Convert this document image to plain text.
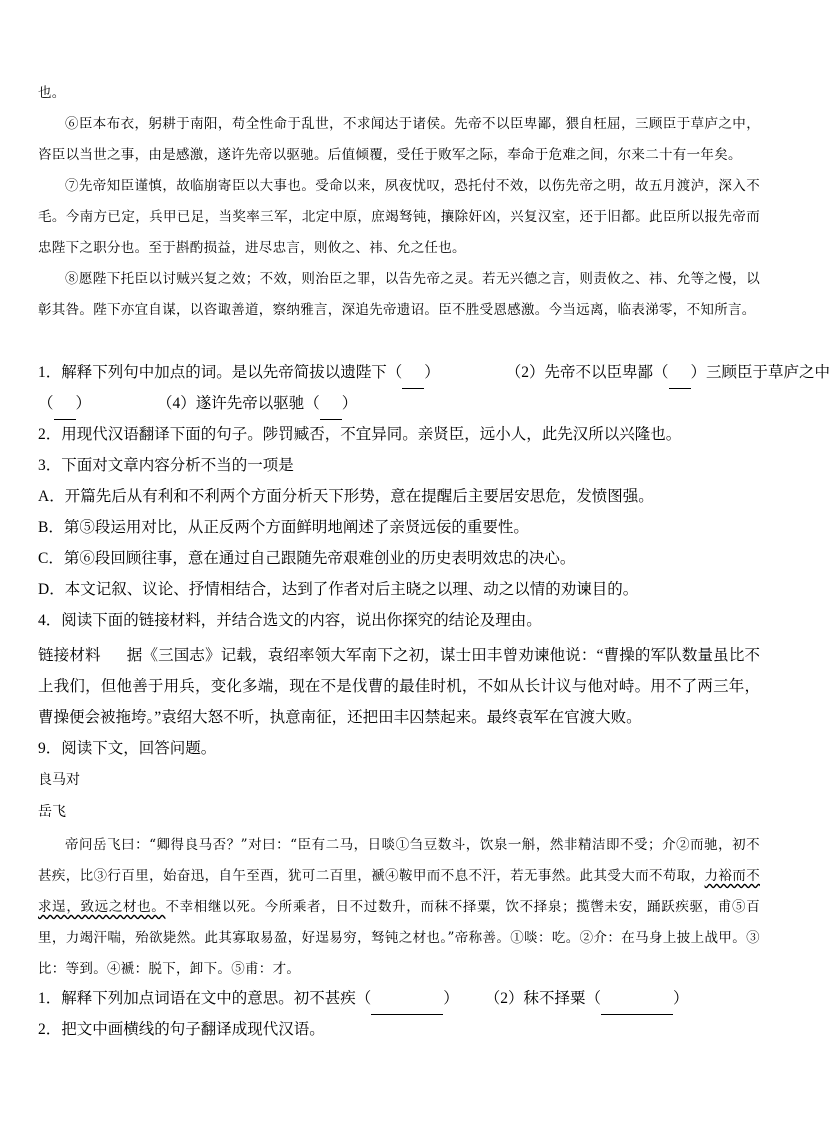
也。

⑥臣本布衣，躬耕于南阳，苟全性命于乱世，不求闻达于诸侯。先帝不以臣卑鄙，猥自枉屈，三顾臣于草庐之中，咨臣以当世之事，由是感激，遂许先帝以驱驰。后值倾覆，受任于败军之际，奉命于危难之间，尔来二十有一年矣。

⑦先帝知臣谨慎，故临崩寄臣以大事也。受命以来，夙夜忧叹，恐托付不效，以伤先帝之明，故五月渡泸，深入不毛。今南方已定，兵甲已足，当奖率三军，北定中原，庶竭驽钝，攘除奸凶，兴复汉室，还于旧都。此臣所以报先帝而忠陛下之职分也。至于斟酌损益，进尽忠言，则攸之、祎、允之任也。

⑧愿陛下托臣以讨贼兴复之效；不效，则治臣之罪，以告先帝之灵。若无兴德之言，则责攸之、祎、允等之慢，以彰其咎。陛下亦宜自谋，以咨诹善道，察纳雅言，深追先帝遗诏。臣不胜受恩感激。今当远离，临表涕零，不知所言。

1．解释下列句中加点的词。是以先帝简拔以遗陛下（ ）	（2）先帝不以臣卑鄙（ ）三顾臣于草庐之中

（ ）	（4）遂许先帝以驱驰（ ）

2．用现代汉语翻译下面的句子。陟罚臧否，不宜异同。亲贤臣，远小人，此先汉所以兴隆也。

3．下面对文章内容分析不当的一项是

A．开篇先后从有利和不利两个方面分析天下形势，意在提醒后主要居安思危，发愤图强。

B．第⑤段运用对比，从正反两个方面鲜明地阐述了亲贤远佞的重要性。

C．第⑥段回顾往事，意在通过自己跟随先帝艰难创业的历史表明效忠的决心。

D．本文记叙、议论、抒情相结合，达到了作者对后主晓之以理、动之以情的劝谏目的。

4．阅读下面的链接材料，并结合选文的内容，说出你探究的结论及理由。

链接材料 据《三国志》记载，袁绍率领大军南下之初，谋士田丰曾劝谏他说：“曹操的军队数量虽比不上我们，但他善于用兵，变化多端，现在不是伐曹的最佳时机，不如从长计议与他对峙。用不了两三年，曹操便会被拖垮。”袁绍大怒不听，执意南征，还把田丰囚禁起来。最终袁军在官渡大败。

9．阅读下文，回答问题。

良马对

岳飞

帝问岳飞曰：“卿得良马否？”对曰：“臣有二马，日啖①刍豆数斗，饮泉一斛，然非精洁即不受；介②而驰，初不甚疾，比③行百里，始奋迅，自午至酉，犹可二百里，褫④鞍甲而不息不汗，若无事然。此其受大而不苟取，力裕而不求逞，致远之材也。不幸相继以死。今所乘者，日不过数升，而秣不择粟，饮不择泉；揽辔未安，踊跃疾驱，甫⑤百里，力竭汗喘，殆欲毙然。此其寡取易盈，好逞易穷，驽钝之材也。”帝称善。①啖：吃。②介：在马身上披上战甲。③比：等到。④褫：脱下，卸下。⑤甫：才。

1．解释下列加点词语在文中的意思。初不甚疾（	） （2）秣不择粟（	）

2．把文中画横线的句子翻译成现代汉语。
